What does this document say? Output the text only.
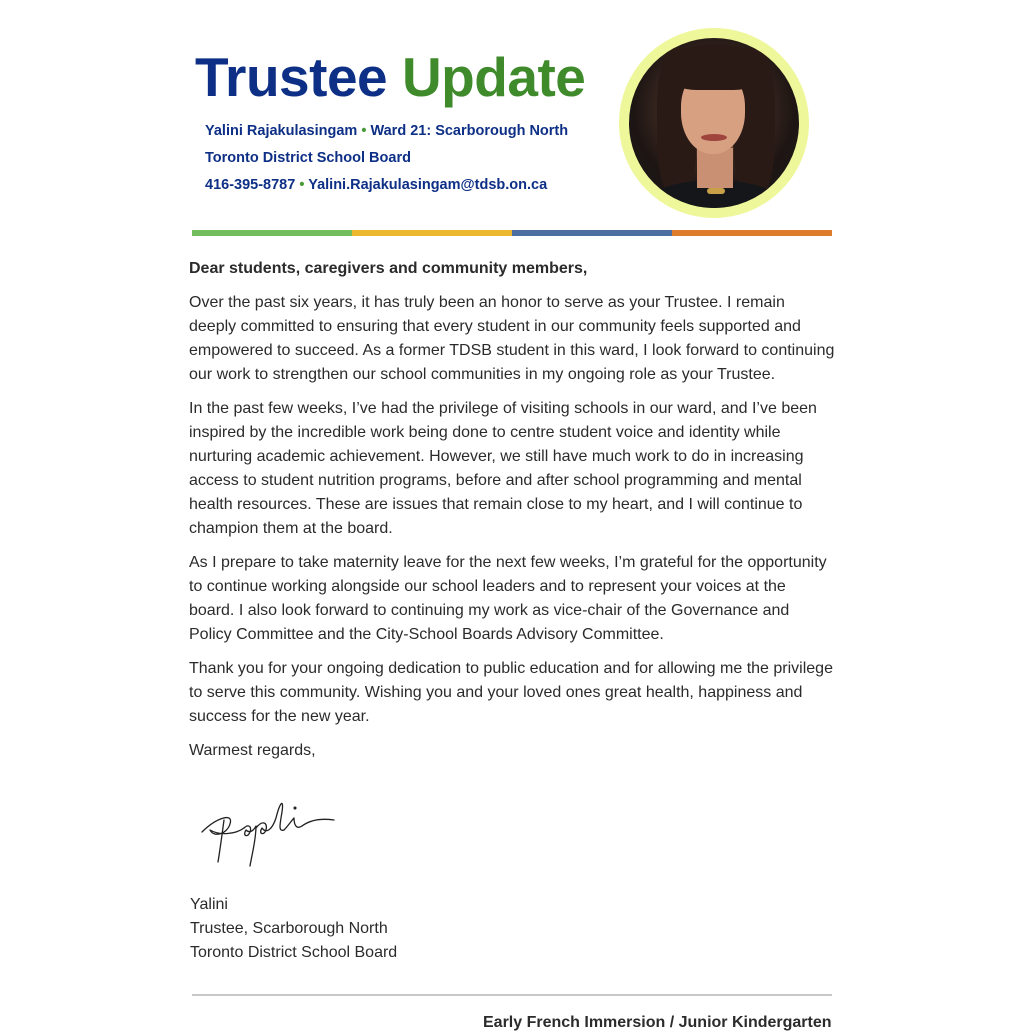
Trustee Update
Yalini Rajakulasingam • Ward 21: Scarborough North
Toronto District School Board
416-395-8787 • Yalini.Rajakulasingam@tdsb.on.ca

Dear students, caregivers and community members,

Over the past six years, it has truly been an honor to serve as your Trustee. I remain deeply committed to ensuring that every student in our community feels supported and empowered to succeed. As a former TDSB student in this ward, I look forward to continuing our work to strengthen our school communities in my ongoing role as your Trustee.

In the past few weeks, I’ve had the privilege of visiting schools in our ward, and I’ve been inspired by the incredible work being done to centre student voice and identity while nurturing academic achievement. However, we still have much work to do in increasing access to student nutrition programs, before and after school programming and mental health resources. These are issues that remain close to my heart, and I will continue to champion them at the board.

As I prepare to take maternity leave for the next few weeks, I’m grateful for the opportunity to continue working alongside our school leaders and to represent your voices at the board. I also look forward to continuing my work as vice-chair of the Governance and Policy Committee and the City-School Boards Advisory Committee.

Thank you for your ongoing dedication to public education and for allowing me the privilege to serve this community. Wishing you and your loved ones great health, happiness and success for the new year.

Warmest regards,

Yalini
Trustee, Scarborough North
Toronto District School Board
Early French Immersion / Junior Kindergarten
